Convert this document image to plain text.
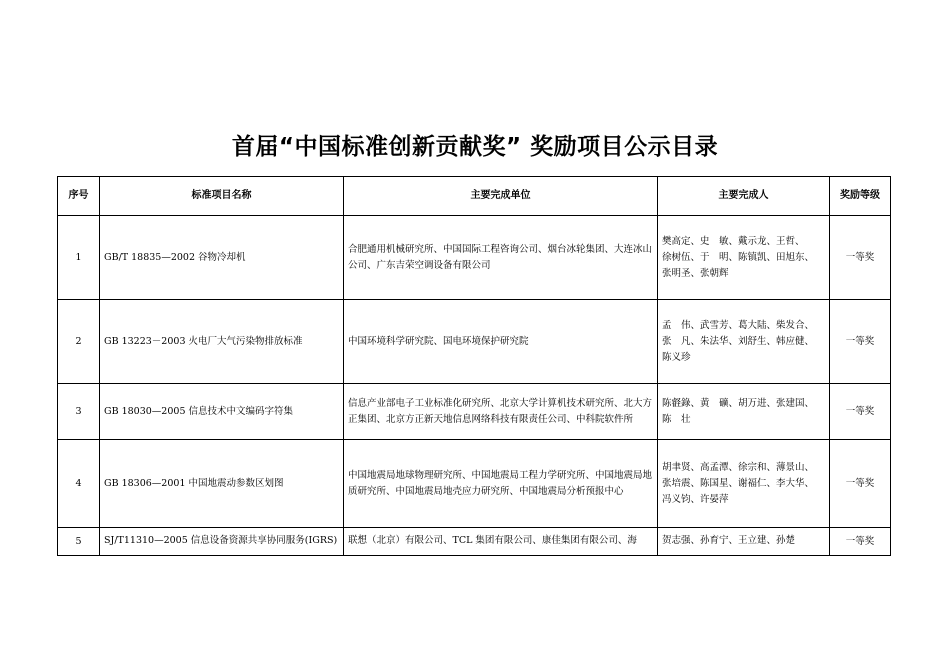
首届“中国标准创新贡献奖” 奖励项目公示目录
序号	标准项目名称	主要完成单位	主要完成人	奖励等级
1	GB/T 18835—2002 谷物冷却机	合肥通用机械研究所、中国国际工程咨询公司、烟台冰轮集团、大连冰山公司、广东吉荣空调设备有限公司	樊高定、史　敏、戴示龙、王哲、
徐树伍、于　明、陈镇凯、田旭东、
张明圣、张朝辉	一等奖
2	GB 13223－2003 火电厂大气污染物排放标准	中国环境科学研究院、国电环境保护研究院	孟　伟、武雪芳、葛大陆、柴发合、
张　凡、朱法华、刘舒生、韩应健、
陈义珍	一等奖
3	GB 18030—2005 信息技术中文编码字符集	信息产业部电子工业标准化研究所、北京大学计算机技术研究所、北大方正集团、北京方正新天地信息网络科技有限责任公司、中科院软件所	陈壡錄、黄　礦、胡万进、张建国、
陈　壮	一等奖
4	GB 18306—2001 中国地震动参数区划图	中国地震局地球物理研究所、中国地震局工程力学研究所、中国地震局地质研究所、中国地震局地壳应力研究所、中国地震局分析预报中心	胡聿贤、高孟潭、徐宗和、薄景山、
张培震、陈国星、谢福仁、李大华、
冯义钧、许晏萍	一等奖
5	SJ/T11310—2005 信息设备资源共享协同服务(IGRS)	联想（北京）有限公司、TCL 集团有限公司、康佳集团有限公司、海	贺志强、孙育宁、王立建、孙楚	一等奖
